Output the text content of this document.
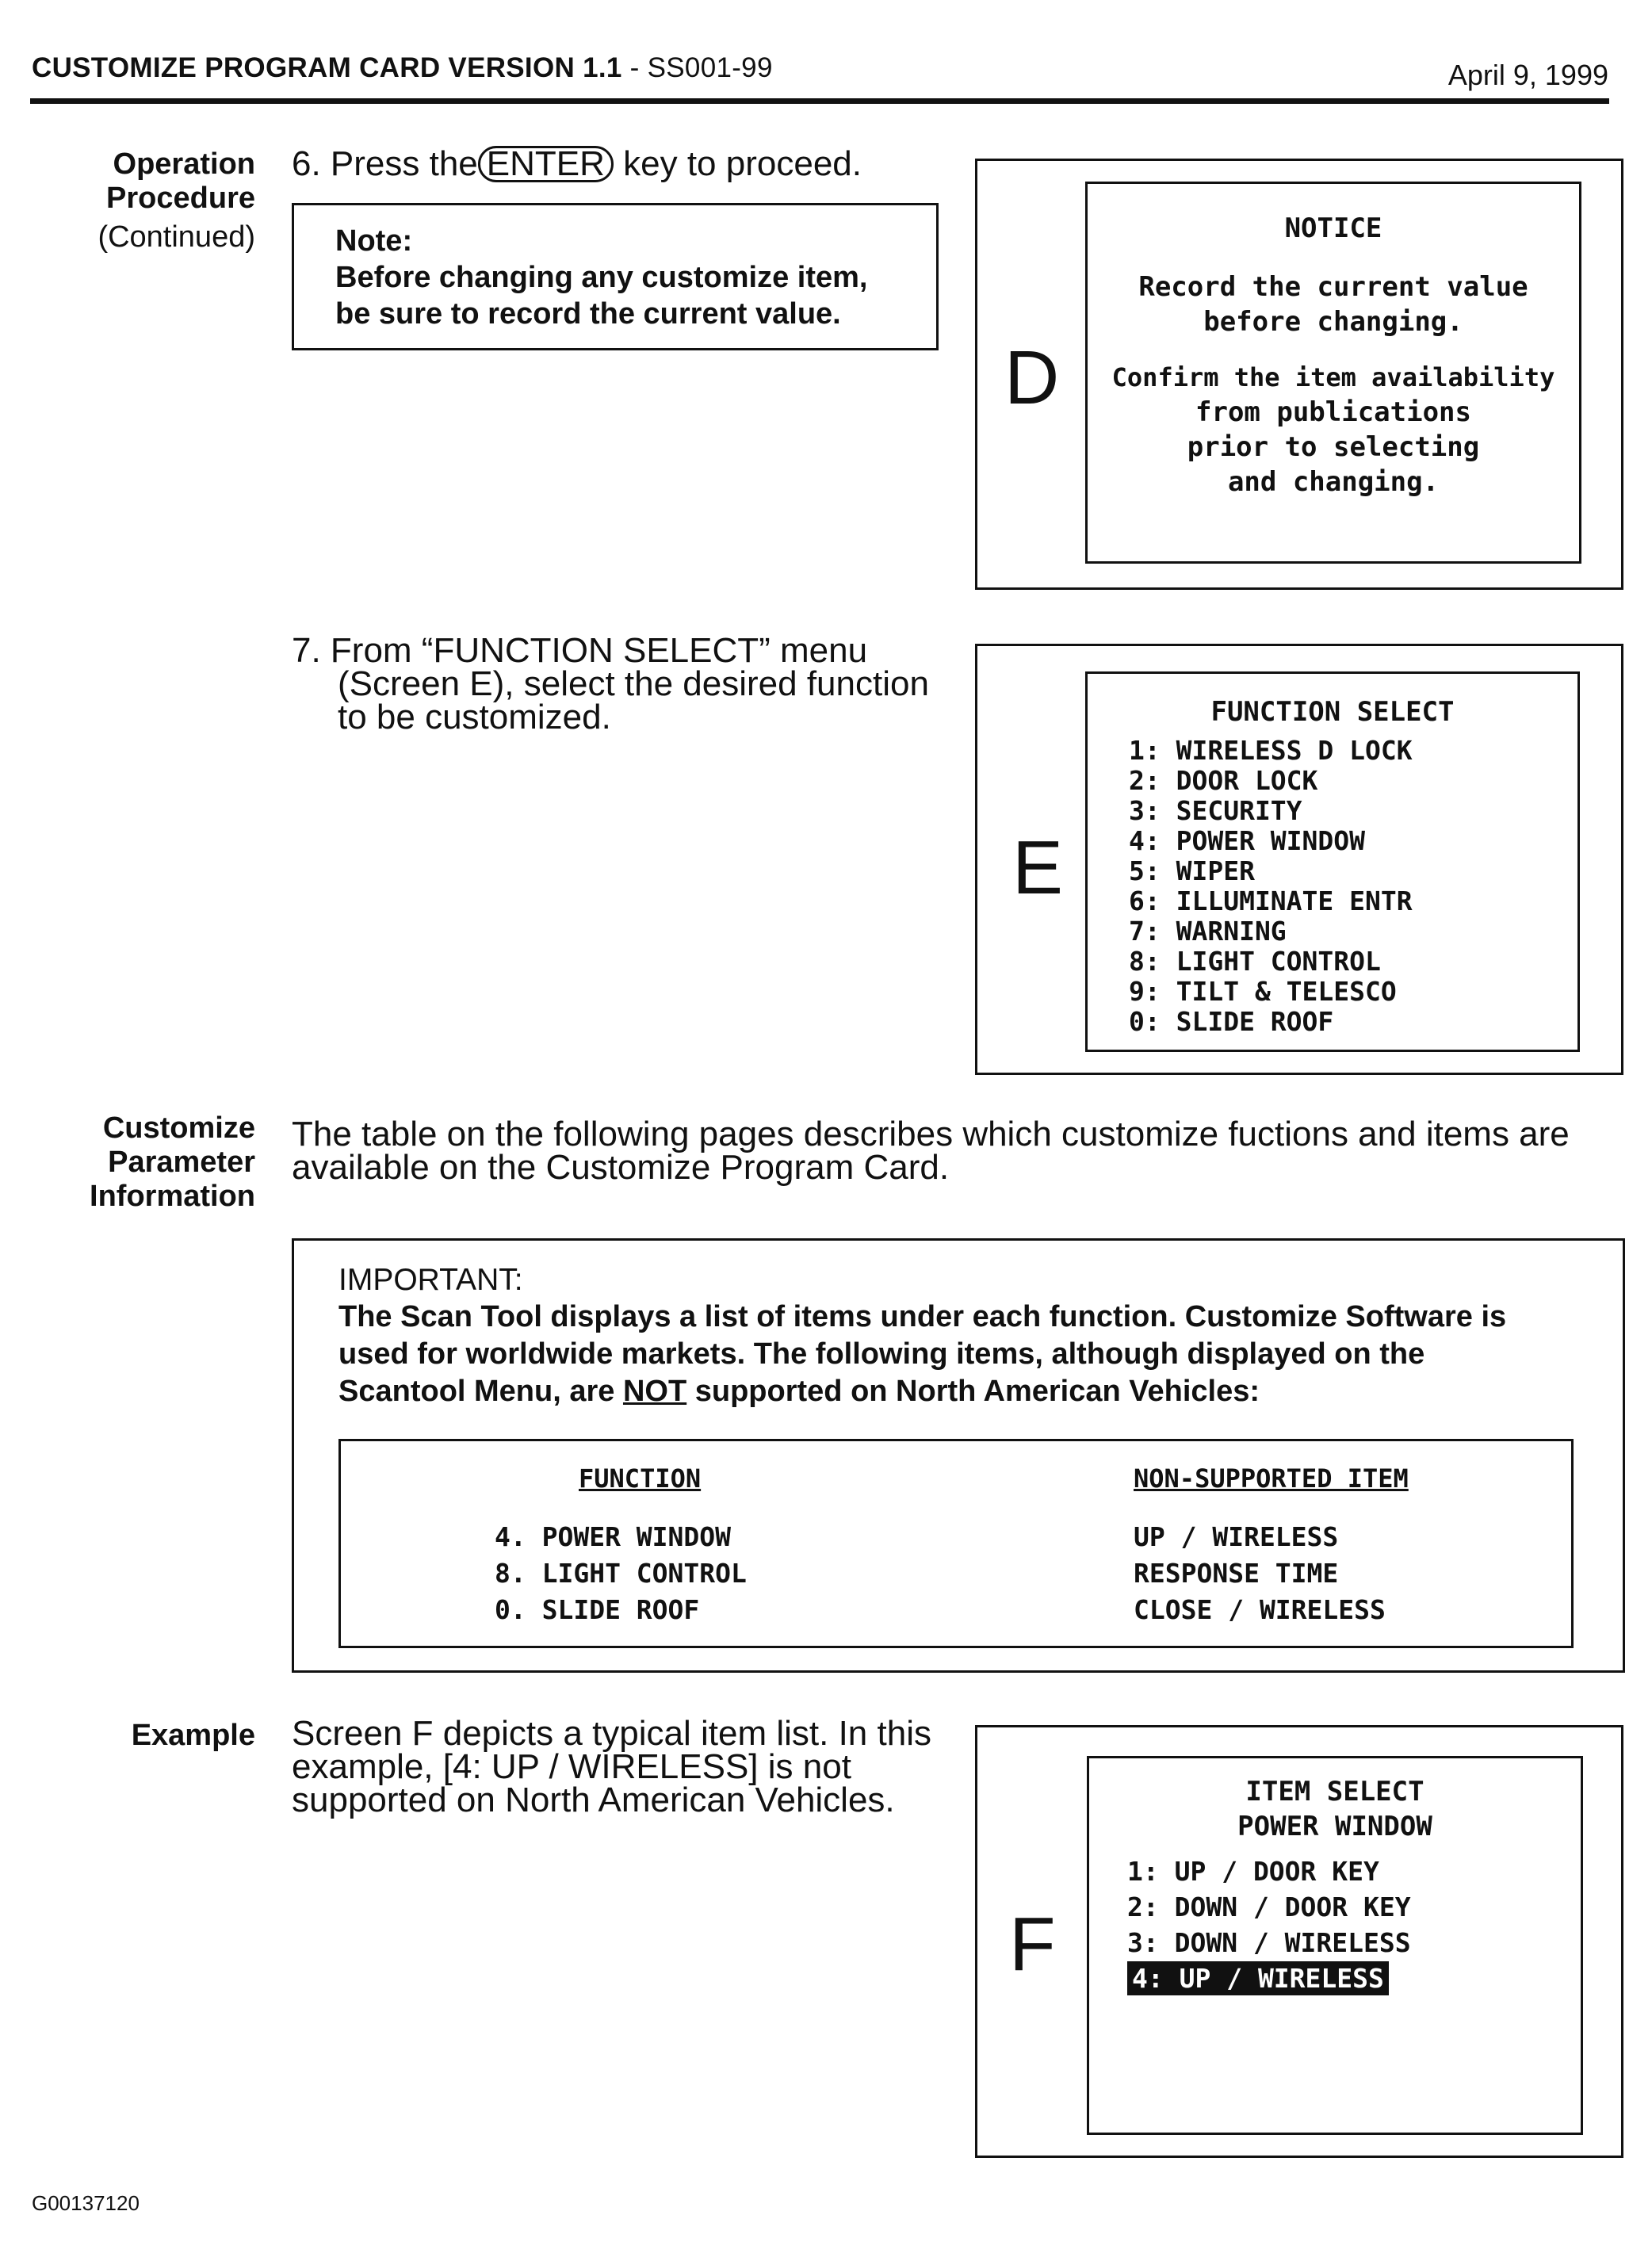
CUSTOMIZE PROGRAM CARD VERSION 1.1 - SS001-99	April 9, 1999
Operation
Procedure
(Continued)
6. Press the ENTER key to proceed.
Note:
Before changing any customize item,
be sure to record the current value.
D
NOTICE
Record the current value
before changing.
Confirm the item availability
from publications
prior to selecting
and changing.
7. From “FUNCTION SELECT” menu
(Screen E), select the desired function
to be customized.
E
FUNCTION SELECT
1: WIRELESS D LOCK
2: DOOR LOCK
3: SECURITY
4: POWER WINDOW
5: WIPER
6: ILLUMINATE ENTR
7: WARNING
8: LIGHT CONTROL
9: TILT & TELESCO
0: SLIDE ROOF
Customize
Parameter
Information
The table on the following pages describes which customize fuctions and items are
available on the Customize Program Card.
IMPORTANT:
The Scan Tool displays a list of items under each function. Customize Software is
used for worldwide markets. The following items, although displayed on the
Scantool Menu, are NOT supported on North American Vehicles:
FUNCTION	NON-SUPPORTED ITEM
4. POWER WINDOW
8. LIGHT CONTROL
0. SLIDE ROOF
UP / WIRELESS
RESPONSE TIME
CLOSE / WIRELESS
Example Screen F depicts a typical item list. In this
example, [4: UP / WIRELESS] is not
supported on North American Vehicles.
F
ITEM SELECT
POWER WINDOW
1: UP / DOOR KEY
2: DOWN / DOOR KEY
3: DOWN / WIRELESS
4: UP / WIRELESS
G00137120
